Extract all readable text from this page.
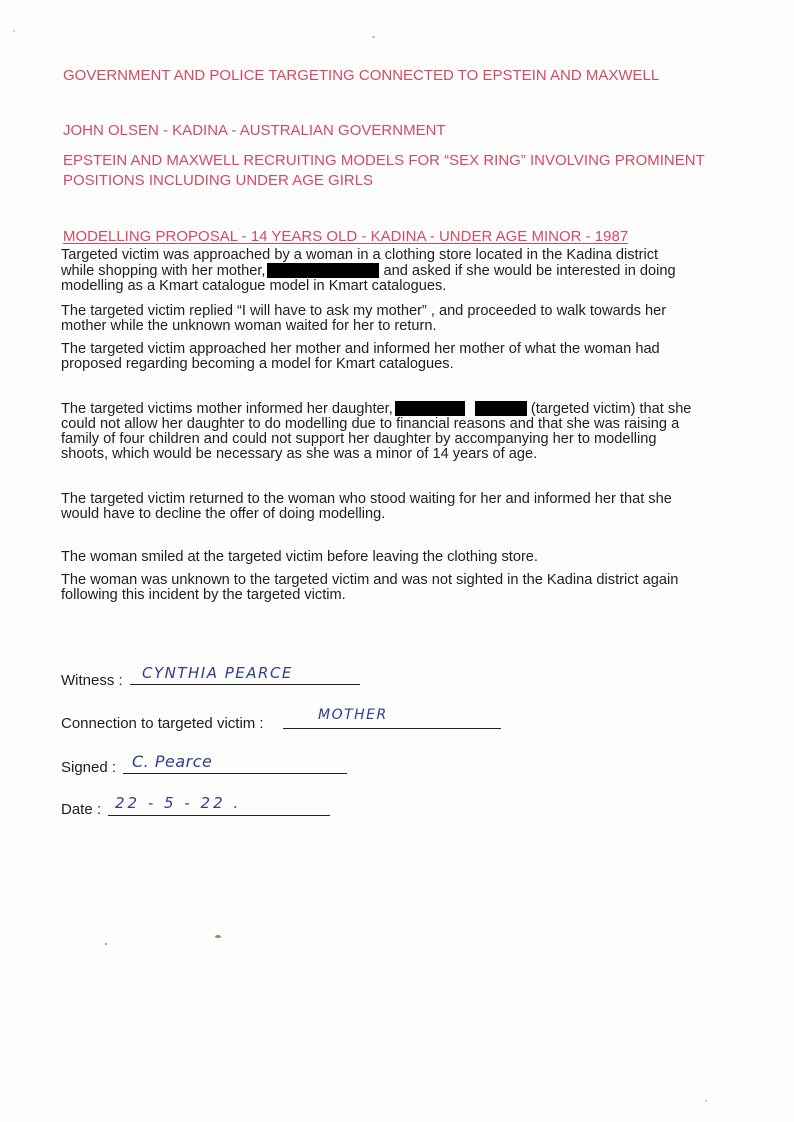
GOVERNMENT AND POLICE TARGETING CONNECTED TO EPSTEIN AND MAXWELL
JOHN OLSEN - KADINA - AUSTRALIAN GOVERNMENT
EPSTEIN AND MAXWELL RECRUITING MODELS FOR “SEX RING” INVOLVING PROMINENT
POSITIONS INCLUDING UNDER AGE GIRLS
MODELLING PROPOSAL - 14 YEARS OLD - KADINA - UNDER AGE MINOR - 1987
Targeted victim was approached by a woman in a clothing store located in the Kadina district
while shopping with her mother,	and asked if she would be interested in doing
modelling as a Kmart catalogue model in Kmart catalogues.
The targeted victim replied “I will have to ask my mother” , and proceeded to walk towards her
mother while the unknown woman waited for her to return.
The targeted victim approached her mother and informed her mother of what the woman had
proposed regarding becoming a model for Kmart catalogues.
The targeted victims mother informed her daughter,	(targeted victim) that she
could not allow her daughter to do modelling due to financial reasons and that she was raising a
family of four children and could not support her daughter by accompanying her to modelling
shoots, which would be necessary as she was a minor of 14 years of age.
The targeted victim returned to the woman who stood waiting for her and informed her that she
would have to decline the offer of doing modelling.
The woman smiled at the targeted victim before leaving the clothing store.
The woman was unknown to the targeted victim and was not sighted in the Kadina district again
following this incident by the targeted victim.
Witness : CYNTHIA PEARCE
Connection to targeted victim :	MOTHER
Signed : C. Pearce
Date : 22 - 5 - 22 .
